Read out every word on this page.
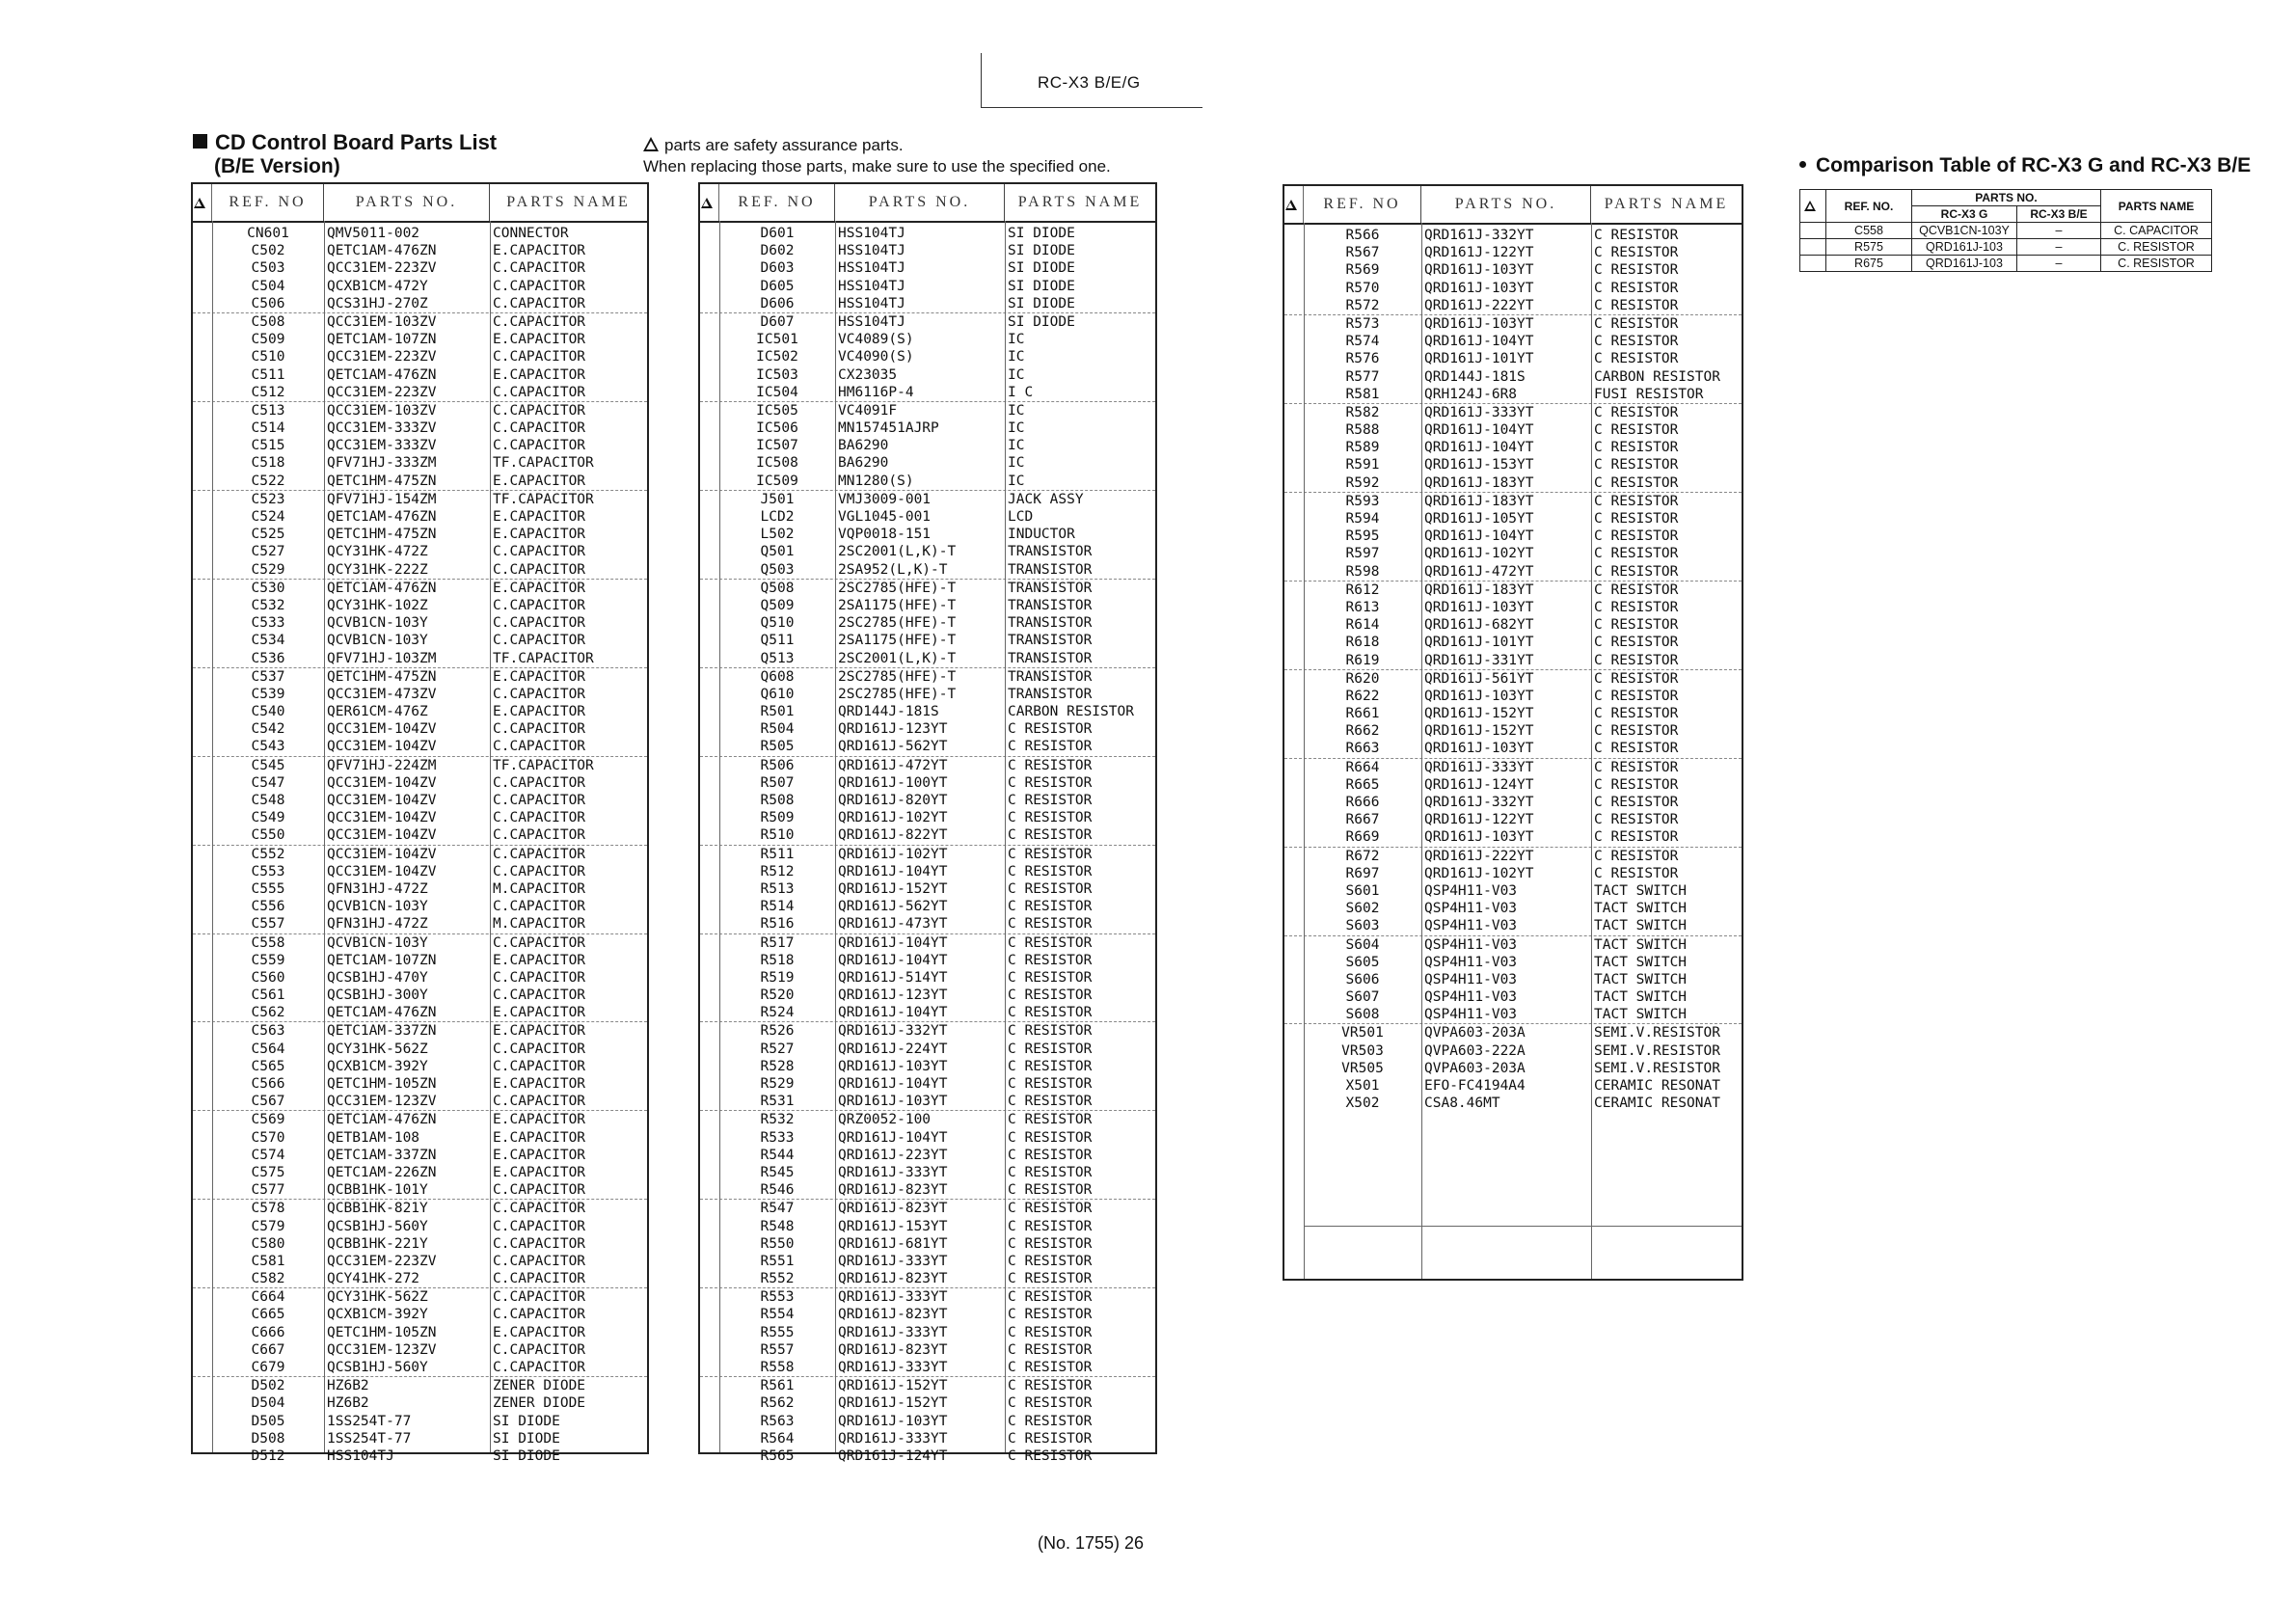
RC-X3 B/E/G
CD Control Board Parts List
(B/E Version)
parts are safety assurance parts.
When replacing those parts, make sure to use the specified one.
REF. NO	PARTS NO.	PARTS NAME
CN601	QMV5011-002	CONNECTOR
C502	QETC1AM-476ZN	E.CAPACITOR
C503	QCC31EM-223ZV	C.CAPACITOR
C504	QCXB1CM-472Y	C.CAPACITOR
C506	QCS31HJ-270Z	C.CAPACITOR
C508	QCC31EM-103ZV	C.CAPACITOR
C509	QETC1AM-107ZN	E.CAPACITOR
C510	QCC31EM-223ZV	C.CAPACITOR
C511	QETC1AM-476ZN	E.CAPACITOR
C512	QCC31EM-223ZV	C.CAPACITOR
C513	QCC31EM-103ZV	C.CAPACITOR
C514	QCC31EM-333ZV	C.CAPACITOR
C515	QCC31EM-333ZV	C.CAPACITOR
C518	QFV71HJ-333ZM	TF.CAPACITOR
C522	QETC1HM-475ZN	E.CAPACITOR
C523	QFV71HJ-154ZM	TF.CAPACITOR
C524	QETC1AM-476ZN	E.CAPACITOR
C525	QETC1HM-475ZN	E.CAPACITOR
C527	QCY31HK-472Z	C.CAPACITOR
C529	QCY31HK-222Z	C.CAPACITOR
C530	QETC1AM-476ZN	E.CAPACITOR
C532	QCY31HK-102Z	C.CAPACITOR
C533	QCVB1CN-103Y	C.CAPACITOR
C534	QCVB1CN-103Y	C.CAPACITOR
C536	QFV71HJ-103ZM	TF.CAPACITOR
C537	QETC1HM-475ZN	E.CAPACITOR
C539	QCC31EM-473ZV	C.CAPACITOR
C540	QER61CM-476Z	E.CAPACITOR
C542	QCC31EM-104ZV	C.CAPACITOR
C543	QCC31EM-104ZV	C.CAPACITOR
C545	QFV71HJ-224ZM	TF.CAPACITOR
C547	QCC31EM-104ZV	C.CAPACITOR
C548	QCC31EM-104ZV	C.CAPACITOR
C549	QCC31EM-104ZV	C.CAPACITOR
C550	QCC31EM-104ZV	C.CAPACITOR
C552	QCC31EM-104ZV	C.CAPACITOR
C553	QCC31EM-104ZV	C.CAPACITOR
C555	QFN31HJ-472Z	M.CAPACITOR
C556	QCVB1CN-103Y	C.CAPACITOR
C557	QFN31HJ-472Z	M.CAPACITOR
C558	QCVB1CN-103Y	C.CAPACITOR
C559	QETC1AM-107ZN	E.CAPACITOR
C560	QCSB1HJ-470Y	C.CAPACITOR
C561	QCSB1HJ-300Y	C.CAPACITOR
C562	QETC1AM-476ZN	E.CAPACITOR
C563	QETC1AM-337ZN	E.CAPACITOR
C564	QCY31HK-562Z	C.CAPACITOR
C565	QCXB1CM-392Y	C.CAPACITOR
C566	QETC1HM-105ZN	E.CAPACITOR
C567	QCC31EM-123ZV	C.CAPACITOR
C569	QETC1AM-476ZN	E.CAPACITOR
C570	QETB1AM-108	E.CAPACITOR
C574	QETC1AM-337ZN	E.CAPACITOR
C575	QETC1AM-226ZN	E.CAPACITOR
C577	QCBB1HK-101Y	C.CAPACITOR
C578	QCBB1HK-821Y	C.CAPACITOR
C579	QCSB1HJ-560Y	C.CAPACITOR
C580	QCBB1HK-221Y	C.CAPACITOR
C581	QCC31EM-223ZV	C.CAPACITOR
C582	QCY41HK-272	C.CAPACITOR
C664	QCY31HK-562Z	C.CAPACITOR
C665	QCXB1CM-392Y	C.CAPACITOR
C666	QETC1HM-105ZN	E.CAPACITOR
C667	QCC31EM-123ZV	C.CAPACITOR
C679	QCSB1HJ-560Y	C.CAPACITOR
D502	HZ6B2	ZENER DIODE
D504	HZ6B2	ZENER DIODE
D505	1SS254T-77	SI DIODE
D508	1SS254T-77	SI DIODE
D512	HSS104TJ	SI DIODE
REF. NO	PARTS NO.	PARTS NAME
D601	HSS104TJ	SI DIODE
D602	HSS104TJ	SI DIODE
D603	HSS104TJ	SI DIODE
D605	HSS104TJ	SI DIODE
D606	HSS104TJ	SI DIODE
D607	HSS104TJ	SI DIODE
IC501	VC4089(S)	IC
IC502	VC4090(S)	IC
IC503	CX23035	IC
IC504	HM6116P-4	I C
IC505	VC4091F	IC
IC506	MN157451AJRP	IC
IC507	BA6290	IC
IC508	BA6290	IC
IC509	MN1280(S)	IC
J501	VMJ3009-001	JACK ASSY
LCD2	VGL1045-001	LCD
L502	VQP0018-151	INDUCTOR
Q501	2SC2001(L,K)-T	TRANSISTOR
Q503	2SA952(L,K)-T	TRANSISTOR
Q508	2SC2785(HFE)-T	TRANSISTOR
Q509	2SA1175(HFE)-T	TRANSISTOR
Q510	2SC2785(HFE)-T	TRANSISTOR
Q511	2SA1175(HFE)-T	TRANSISTOR
Q513	2SC2001(L,K)-T	TRANSISTOR
Q608	2SC2785(HFE)-T	TRANSISTOR
Q610	2SC2785(HFE)-T	TRANSISTOR
R501	QRD144J-181S	CARBON RESISTOR
R504	QRD161J-123YT	C RESISTOR
R505	QRD161J-562YT	C RESISTOR
R506	QRD161J-472YT	C RESISTOR
R507	QRD161J-100YT	C RESISTOR
R508	QRD161J-820YT	C RESISTOR
R509	QRD161J-102YT	C RESISTOR
R510	QRD161J-822YT	C RESISTOR
R511	QRD161J-102YT	C RESISTOR
R512	QRD161J-104YT	C RESISTOR
R513	QRD161J-152YT	C RESISTOR
R514	QRD161J-562YT	C RESISTOR
R516	QRD161J-473YT	C RESISTOR
R517	QRD161J-104YT	C RESISTOR
R518	QRD161J-104YT	C RESISTOR
R519	QRD161J-514YT	C RESISTOR
R520	QRD161J-123YT	C RESISTOR
R524	QRD161J-104YT	C RESISTOR
R526	QRD161J-332YT	C RESISTOR
R527	QRD161J-224YT	C RESISTOR
R528	QRD161J-103YT	C RESISTOR
R529	QRD161J-104YT	C RESISTOR
R531	QRD161J-103YT	C RESISTOR
R532	QRZ0052-100	C RESISTOR
R533	QRD161J-104YT	C RESISTOR
R544	QRD161J-223YT	C RESISTOR
R545	QRD161J-333YT	C RESISTOR
R546	QRD161J-823YT	C RESISTOR
R547	QRD161J-823YT	C RESISTOR
R548	QRD161J-153YT	C RESISTOR
R550	QRD161J-681YT	C RESISTOR
R551	QRD161J-333YT	C RESISTOR
R552	QRD161J-823YT	C RESISTOR
R553	QRD161J-333YT	C RESISTOR
R554	QRD161J-823YT	C RESISTOR
R555	QRD161J-333YT	C RESISTOR
R557	QRD161J-823YT	C RESISTOR
R558	QRD161J-333YT	C RESISTOR
R561	QRD161J-152YT	C RESISTOR
R562	QRD161J-152YT	C RESISTOR
R563	QRD161J-103YT	C RESISTOR
R564	QRD161J-333YT	C RESISTOR
R565	QRD161J-124YT	C RESISTOR
REF. NO	PARTS NO.	PARTS NAME
R566	QRD161J-332YT	C RESISTOR
R567	QRD161J-122YT	C RESISTOR
R569	QRD161J-103YT	C RESISTOR
R570	QRD161J-103YT	C RESISTOR
R572	QRD161J-222YT	C RESISTOR
R573	QRD161J-103YT	C RESISTOR
R574	QRD161J-104YT	C RESISTOR
R576	QRD161J-101YT	C RESISTOR
R577	QRD144J-181S	CARBON RESISTOR
R581	QRH124J-6R8	FUSI RESISTOR
R582	QRD161J-333YT	C RESISTOR
R588	QRD161J-104YT	C RESISTOR
R589	QRD161J-104YT	C RESISTOR
R591	QRD161J-153YT	C RESISTOR
R592	QRD161J-183YT	C RESISTOR
R593	QRD161J-183YT	C RESISTOR
R594	QRD161J-105YT	C RESISTOR
R595	QRD161J-104YT	C RESISTOR
R597	QRD161J-102YT	C RESISTOR
R598	QRD161J-472YT	C RESISTOR
R612	QRD161J-183YT	C RESISTOR
R613	QRD161J-103YT	C RESISTOR
R614	QRD161J-682YT	C RESISTOR
R618	QRD161J-101YT	C RESISTOR
R619	QRD161J-331YT	C RESISTOR
R620	QRD161J-561YT	C RESISTOR
R622	QRD161J-103YT	C RESISTOR
R661	QRD161J-152YT	C RESISTOR
R662	QRD161J-152YT	C RESISTOR
R663	QRD161J-103YT	C RESISTOR
R664	QRD161J-333YT	C RESISTOR
R665	QRD161J-124YT	C RESISTOR
R666	QRD161J-332YT	C RESISTOR
R667	QRD161J-122YT	C RESISTOR
R669	QRD161J-103YT	C RESISTOR
R672	QRD161J-222YT	C RESISTOR
R697	QRD161J-102YT	C RESISTOR
S601	QSP4H11-V03	TACT SWITCH
S602	QSP4H11-V03	TACT SWITCH
S603	QSP4H11-V03	TACT SWITCH
S604	QSP4H11-V03	TACT SWITCH
S605	QSP4H11-V03	TACT SWITCH
S606	QSP4H11-V03	TACT SWITCH
S607	QSP4H11-V03	TACT SWITCH
S608	QSP4H11-V03	TACT SWITCH
VR501	QVPA603-203A	SEMI.V.RESISTOR
VR503	QVPA603-222A	SEMI.V.RESISTOR
VR505	QVPA603-203A	SEMI.V.RESISTOR
X501	EFO-FC4194A4	CERAMIC RESONAT
X502	CSA8.46MT	CERAMIC RESONAT
Comparison Table of RC-X3 G and RC-X3 B/E
	REF. NO.	PARTS NO.		PARTS NAME
		RC-X3 G	RC-X3 B/E	
	C558	QCVB1CN-103Y	–	C. CAPACITOR
	R575	QRD161J-103	–	C. RESISTOR
	R675	QRD161J-103	–	C. RESISTOR
(No. 1755) 26
